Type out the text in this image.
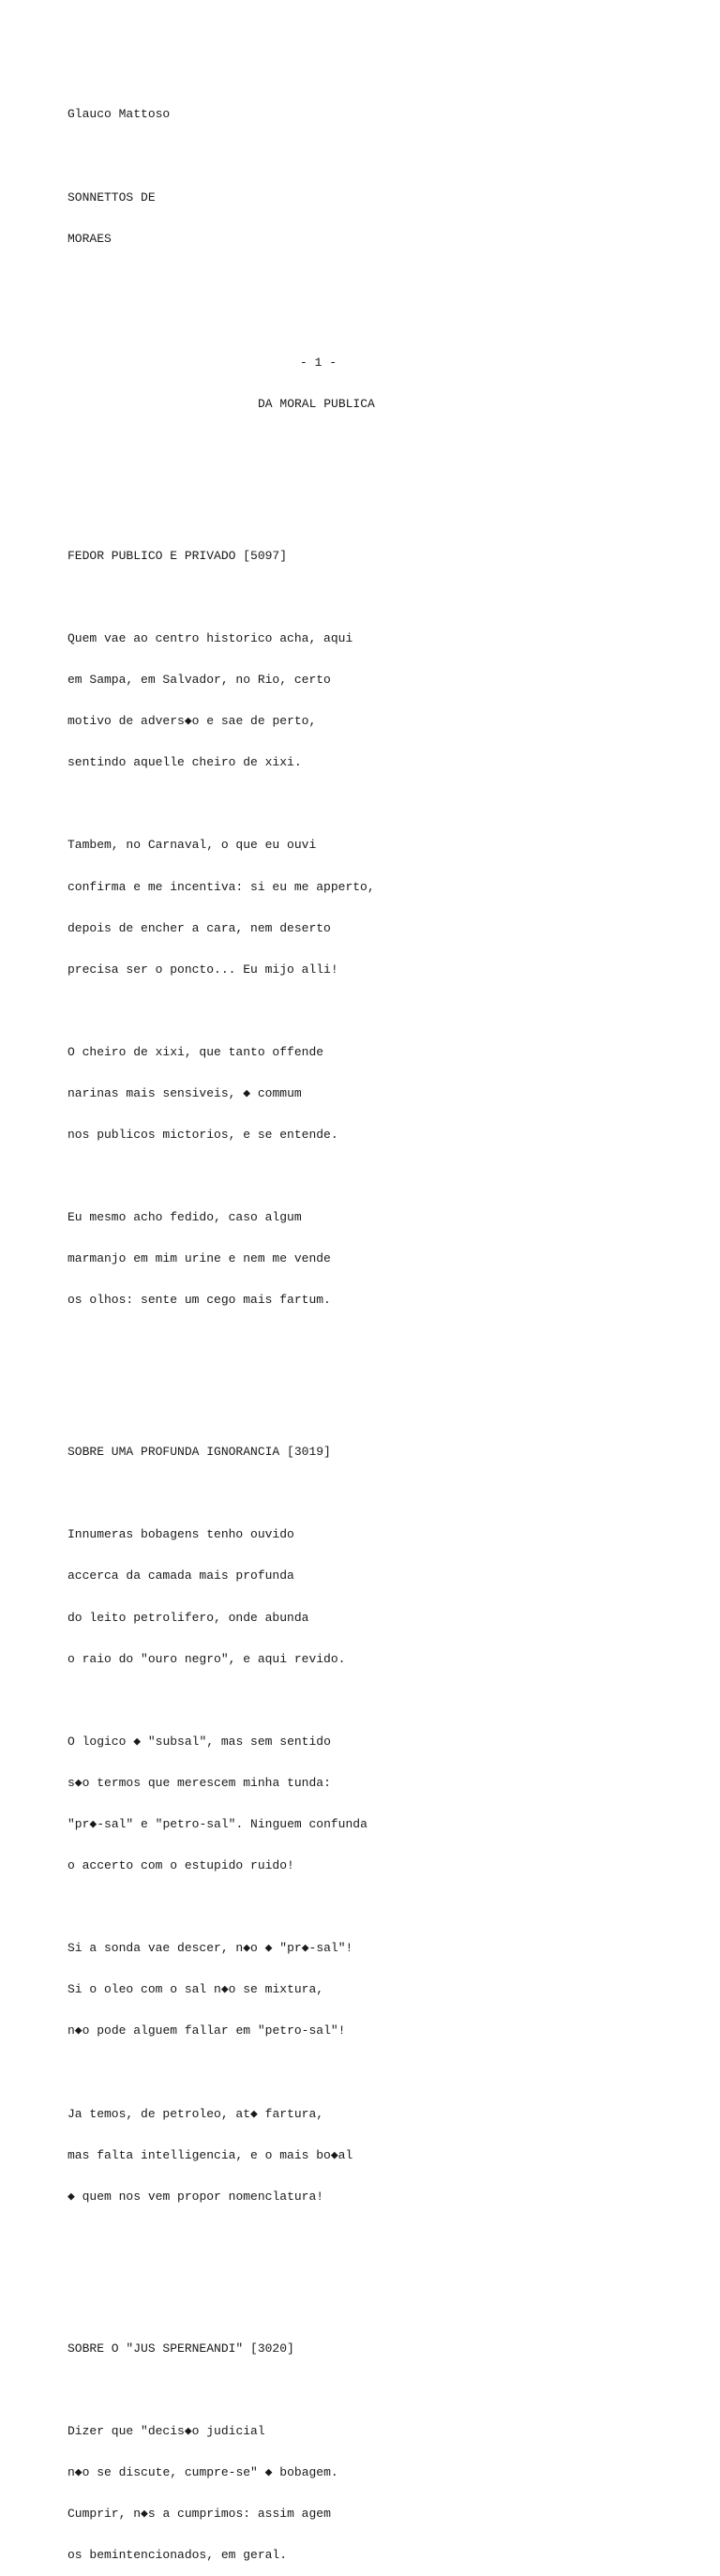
Glauco Mattoso

SONNETTOS DE

MORAES

- 1 -

DA MORAL PUBLICA

FEDOR PUBLICO E PRIVADO [5097]

Quem vae ao centro historico acha, aqui

em Sampa, em Salvador, no Rio, certo

motivo de advers◆o e sae de perto,

sentindo aquelle cheiro de xixi.

Tambem, no Carnaval, o que eu ouvi

confirma e me incentiva: si eu me apperto,

depois de encher a cara, nem deserto

precisa ser o poncto... Eu mijo alli!

O cheiro de xixi, que tanto offende

narinas mais sensiveis, ◆ commum

nos publicos mictorios, e se entende.

Eu mesmo acho fedido, caso algum

marmanjo em mim urine e nem me vende

os olhos: sente um cego mais fartum.

SOBRE UMA PROFUNDA IGNORANCIA [3019]

Innumeras bobagens tenho ouvido

accerca da camada mais profunda

do leito petrolifero, onde abunda

o raio do "ouro negro", e aqui revido.

O logico ◆ "subsal", mas sem sentido

s◆o termos que merescem minha tunda:

"pr◆-sal" e "petro-sal". Ninguem confunda

o accerto com o estupido ruido!

Si a sonda vae descer, n◆o ◆ "pr◆-sal"!

Si o oleo com o sal n◆o se mixtura,

n◆o pode alguem fallar em "petro-sal"!

Ja temos, de petroleo, at◆ fartura,

mas falta intelligencia, e o mais bo◆al

◆ quem nos vem propor nomenclatura!

SOBRE O "JUS SPERNEANDI" [3020]

Dizer que "decis◆o judicial

n◆o se discute, cumpre-se" ◆ bobagem.

Cumprir, n◆s a cumprimos: assim agem

os bemintencionados, em geral.
